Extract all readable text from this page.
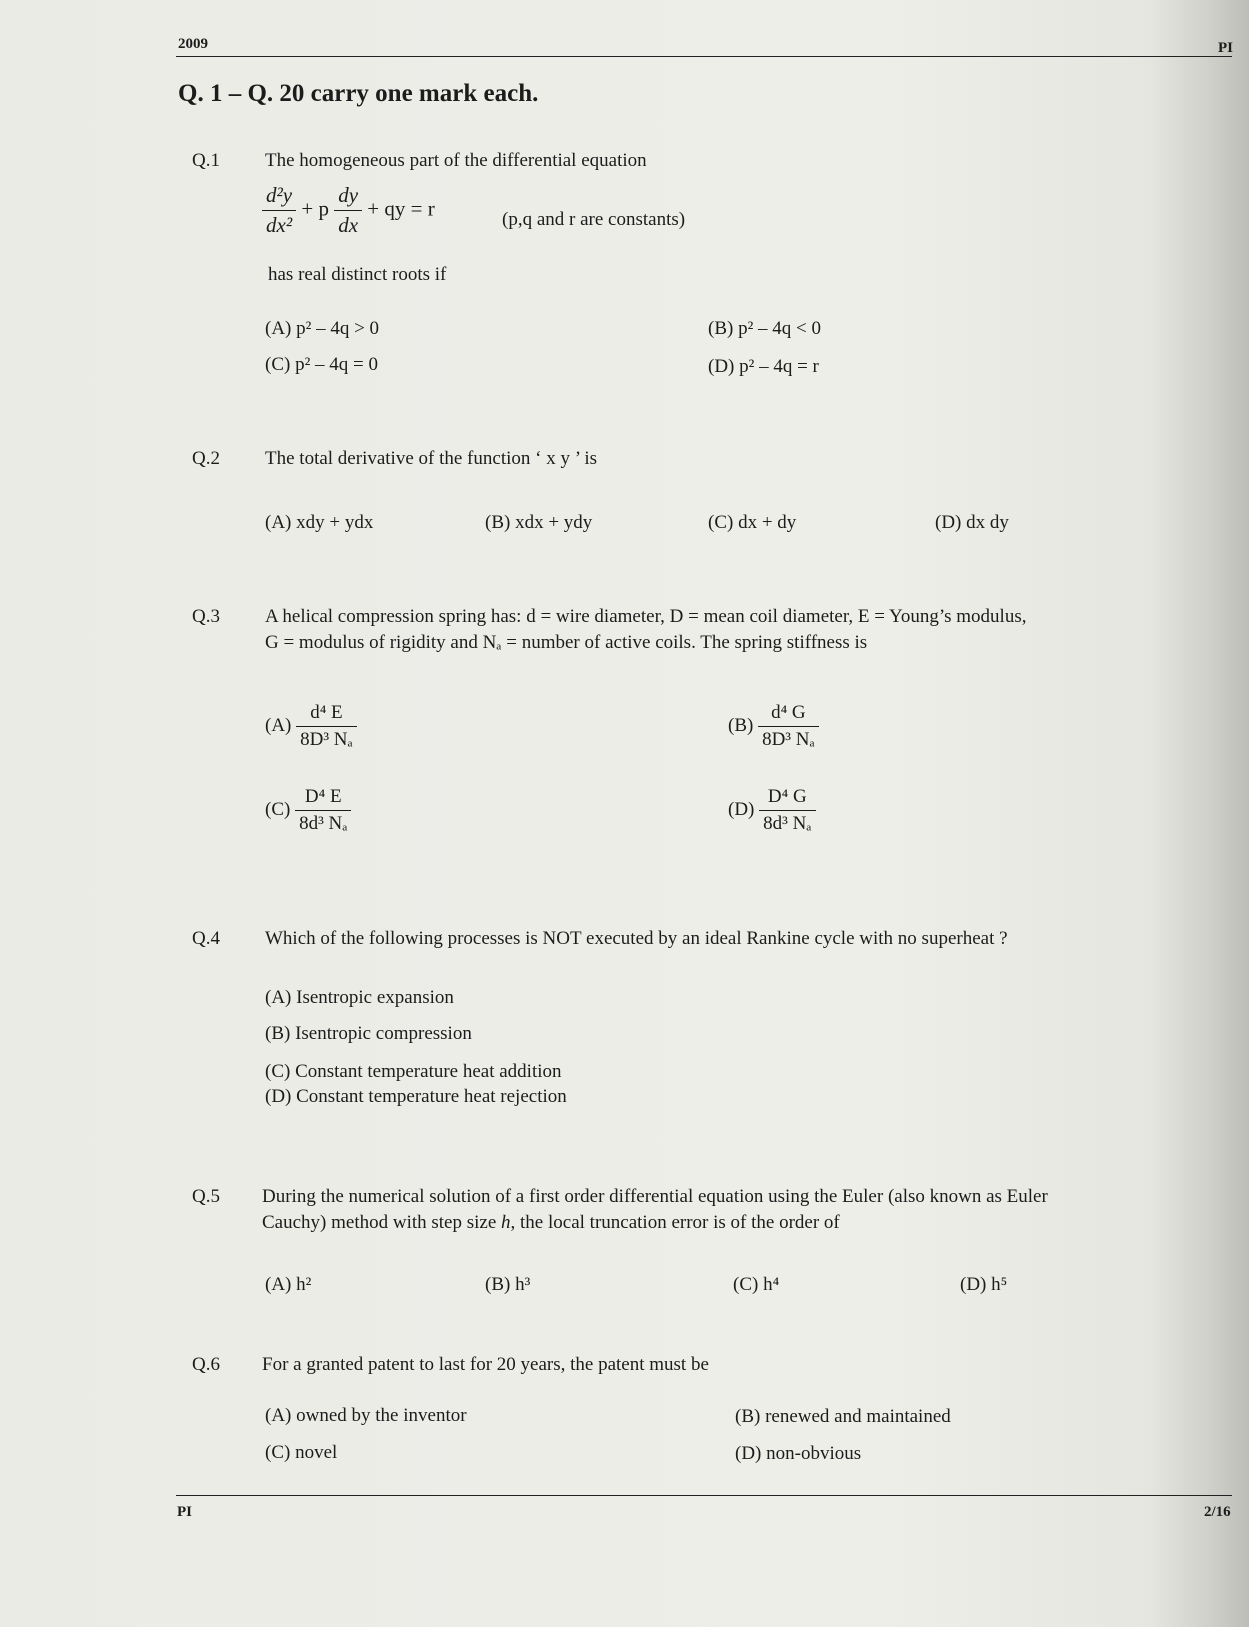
2009	PI
Q. 1 – Q. 20 carry one mark each.
Q.1 The homogeneous part of the differential equation
$\frac{\text{d²y}}{\text{dx²}} + p \frac{dy}{dx}$ + qy = r	(p,q and r are constants)
has real distinct roots if
(A) p² – 4q > 0	(B) p² – 4q < 0
(C) p² – 4q = 0	(D) p² – 4q = r
Q.2 The total derivative of the function ‘ x y ’ is
(A) xdy + ydx	(B) xdx + ydy	(C) dx + dy	(D) dx dy
Q.3 A helical compression spring has: d = wire diameter, D = mean coil diameter, E = Young’s modulus,
G = modulus of rigidity and Nₐ = number of active coils. The spring stiffness is
$(A) \frac{\text{d⁴ E}}{\text{8D³ Nₐ}}$	$(B) \frac{\text{d⁴ G}}{\text{8D³ Nₐ}}$
$(C) \frac{\text{D⁴ E}}{\text{8d³ Nₐ}}$	$(D) \frac{\text{D⁴ G}}{\text{8d³ Nₐ}}$
Q.4 Which of the following processes is NOT executed by an ideal Rankine cycle with no superheat ?
(A) Isentropic expansion
(B) Isentropic compression
(C) Constant temperature heat addition
(D) Constant temperature heat rejection
Q.5 During the numerical solution of a first order differential equation using the Euler (also known as Euler
Cauchy) method with step size h, the local truncation error is of the order of
(A) h²	(B) h³	(C) h⁴	(D) h⁵
Q.6 For a granted patent to last for 20 years, the patent must be
(A) owned by the inventor	(B) renewed and maintained
(C) novel	(D) non-obvious
PI	2/16
